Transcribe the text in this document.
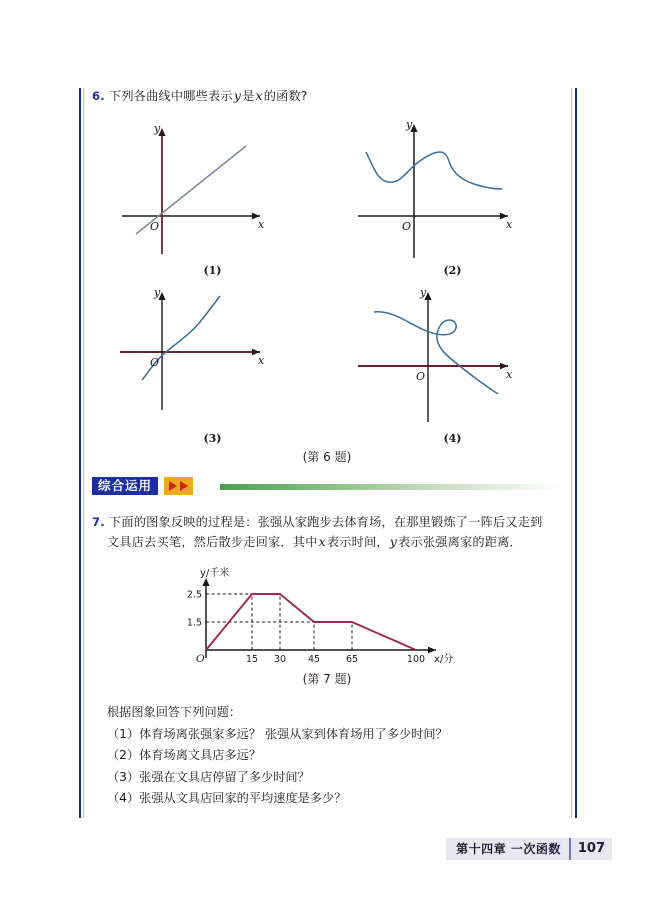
6. 下列各曲线中哪些表示y是x的函数?
O
y
x
(1)
O
y
x
(2)
O
y
x
(3)
O
y
x
(4)
(第 6 题)
综合运用
7. 下面的图象反映的过程是：张强从家跑步去体育场，在那里锻炼了一阵后又走到
文具店去买笔，然后散步走回家．其中x表示时间，y表示张强离家的距离．
2.5
1.5
15 30 45	65	100
O
y/千米
x/分
(第 7 题)
根据图象回答下列问题：
（1）体育场离张强家多远？ 张强从家到体育场用了多少时间？
（2）体育场离文具店多远？
（3）张强在文具店停留了多少时间？
（4）张强从文具店回家的平均速度是多少？
第十四章 一次函数	107
